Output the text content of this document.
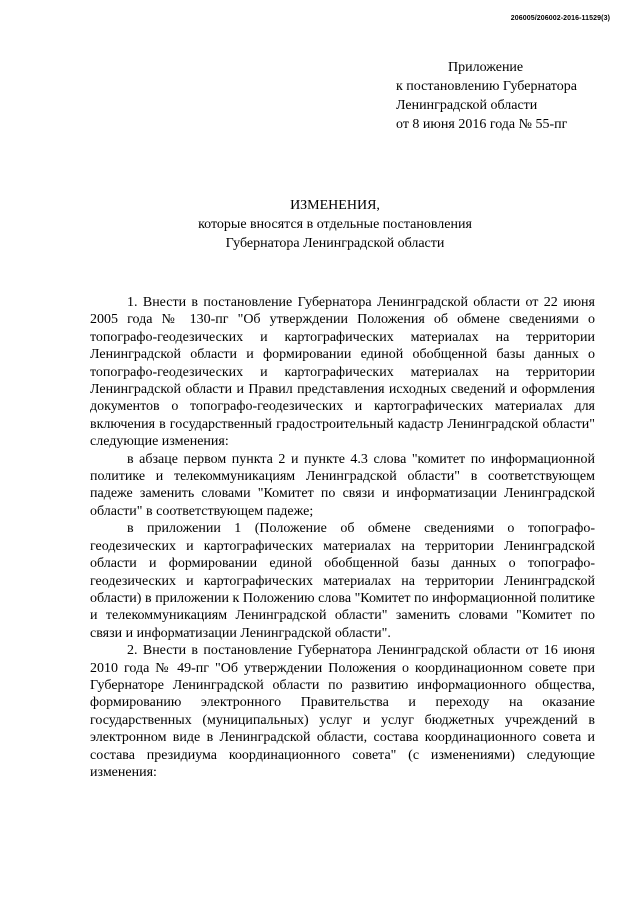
206005/206002-2016-11529(3)
Приложение
к постановлению Губернатора
Ленинградской области
от 8 июня 2016 года № 55-пг
ИЗМЕНЕНИЯ,
которые вносятся в отдельные постановления
Губернатора Ленинградской области

1. Внести в постановление Губернатора Ленинградской области от 22 июня 2005 года № 130-пг "Об утверждении Положения об обмене сведениями о топографо-геодезических и картографических материалах на территории Ленинградской области и формировании единой обобщенной базы данных о топографо-геодезических и картографических материалах на территории Ленинградской области и Правил представления исходных сведений и оформления документов о топографо-геодезических и картографических материалах для включения в государственный градостроительный кадастр Ленинградской области" следующие изменения:

в абзаце первом пункта 2 и пункте 4.3 слова "комитет по информационной политике и телекоммуникациям Ленинградской области" в соответствующем падеже заменить словами "Комитет по связи и информатизации Ленинградской области" в соответствующем падеже;

в приложении 1 (Положение об обмене сведениями о топографо-геодезических и картографических материалах на территории Ленинградской области и формировании единой обобщенной базы данных о топографо-геодезических и картографических материалах на территории Ленинградской области) в приложении к Положению слова "Комитет по информационной политике и телекоммуникациям Ленинградской области" заменить словами "Комитет по связи и информатизации Ленинградской области".

2. Внести в постановление Губернатора Ленинградской области от 16 июня 2010 года № 49-пг "Об утверждении Положения о координационном совете при Губернаторе Ленинградской области по развитию информационного общества, формированию электронного Правительства и переходу на оказание государственных (муниципальных) услуг и услуг бюджетных учреждений в электронном виде в Ленинградской области, состава координационного совета и состава президиума координационного совета" (с изменениями) следующие изменения:
